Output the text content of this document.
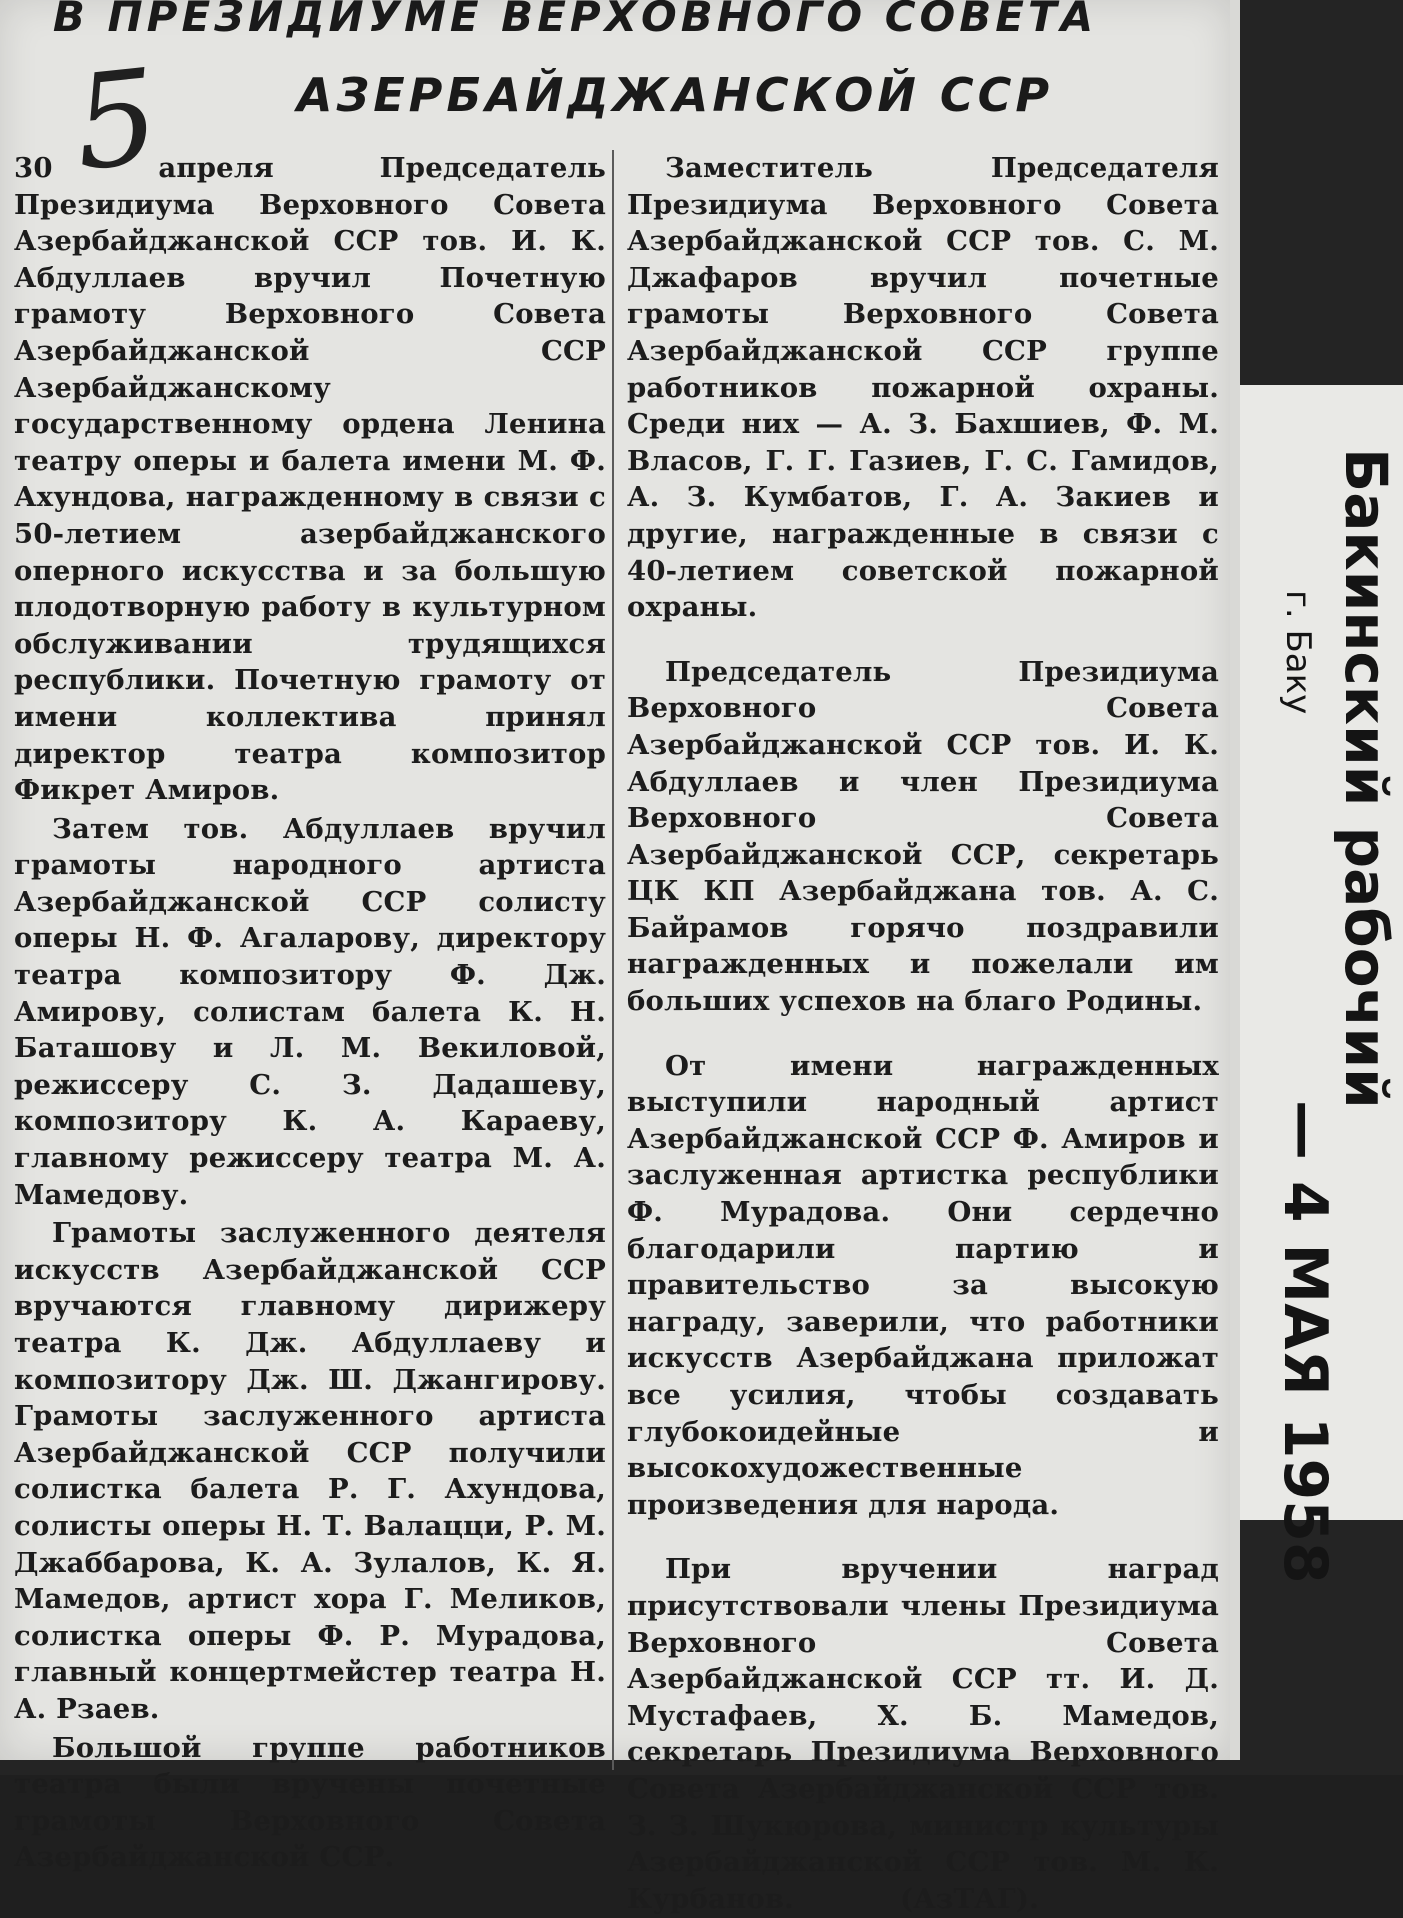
В ПРЕЗИДИУМЕ ВЕРХОВНОГО СОВЕТА
АЗЕРБАЙДЖАНСКОЙ ССР
5

30 апреля Председатель Президиума Верховного Совета Азербайджанской ССР тов. И. К. Абдуллаев вручил Почетную грамоту Верховного Совета Азербайджанской ССР Азербайджанскому государственному ордена Ленина театру оперы и балета имени М. Ф. Ахундова, награжденному в связи с 50-летием азербайджанского оперного искусства и за большую плодотворную работу в культурном обслуживании трудящихся республики. Почетную грамоту от имени коллектива принял директор театра композитор Фикрет Амиров.

Затем тов. Абдуллаев вручил грамоты народного артиста Азербайджанской ССР солисту оперы Н. Ф. Агаларову, директору театра композитору Ф. Дж. Амирову, солистам балета К. Н. Баташову и Л. М. Векиловой, режиссеру С. З. Дадашеву, композитору К. А. Караеву, главному режиссеру театра М. А. Мамедову.

Грамоты заслуженного деятеля искусств Азербайджанской ССР вручаются главному дирижеру театра К. Дж. Абдуллаеву и композитору Дж. Ш. Джангирову. Грамоты заслуженного артиста Азербайджанской ССР получили солистка балета Р. Г. Ахундова, солисты оперы Н. Т. Валацци, Р. М. Джаббарова, К. А. Зулалов, К. Я. Мамедов, артист хора Г. Меликов, солистка оперы Ф. Р. Мурадова, главный концертмейстер театра Н. А. Рзаев.

Большой группе работников театра были вручены почетные грамоты Верховного Совета Азербайджанской ССР.

Заместитель Председателя Президиума Верховного Совета Азербайджанской ССР тов. С. М. Джафаров вручил почетные грамоты Верховного Совета Азербайджанской ССР группе работников пожарной охраны. Среди них — А. З. Бахшиев, Ф. М. Власов, Г. Г. Газиев, Г. С. Гамидов, А. З. Кумбатов, Г. А. Закиев и другие, награжденные в связи с 40-летием советской пожарной охраны.

Председатель Президиума Верховного Совета Азербайджанской ССР тов. И. К. Абдуллаев и член Президиума Верховного Совета Азербайджанской ССР, секретарь ЦК КП Азербайджана тов. А. С. Байрамов горячо поздравили награжденных и пожелали им больших успехов на благо Родины.

От имени награжденных выступили народный артист Азербайджанской ССР Ф. Амиров и заслуженная артистка республики Ф. Мурадова. Они сердечно благодарили партию и правительство за высокую награду, заверили, что работники искусств Азербайджана приложат все усилия, чтобы создавать глубокоидейные и высокохудожественные произведения для народа.

При вручении наград присутствовали члены Президиума Верховного Совета Азербайджанской ССР тт. И. Д. Мустафаев, Х. Б. Мамедов, секретарь Президиума Верховного Совета Азербайджанской ССР тов. З. З. Шукюрова, министр культуры Азербайджанской ССР тов. М. К. Курбанов.	(АзТАГ).
Бакинский рабочий
г. Баку
— 4 МАЯ 1958
